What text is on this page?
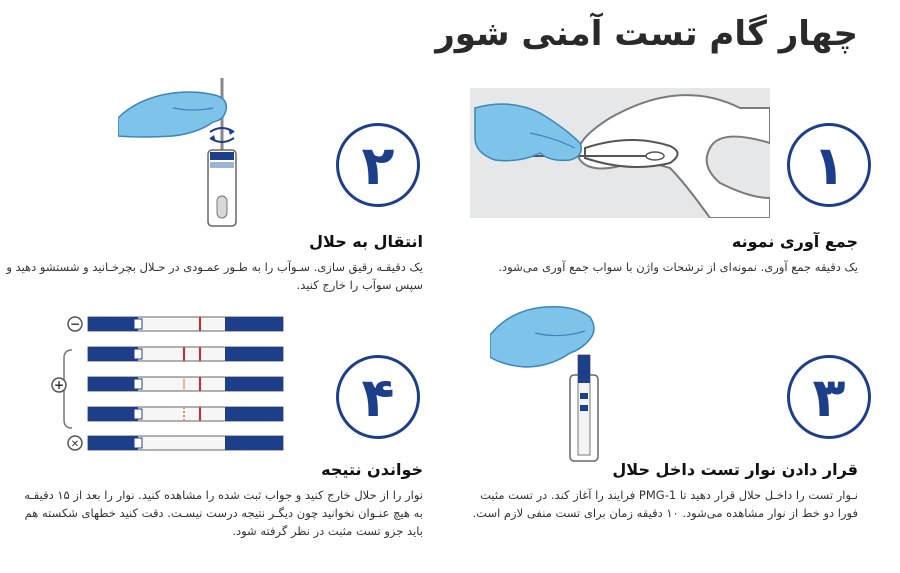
چهار گام تست آمنی شور
۱
جمع آوری نمونه
یک دقیقه جمع آوری. نمونه‌ای از ترشحات واژن با سواب جمع آوری می‌شود.
۲
انتقال به حلال
یک دقیقـه رقیق سازی. سـوآب را به طـور عمـودی در حـلال بچرخـانید و شستشو دهید و سپس سوآب را خارج کنید.
۳
قرار دادن نوار تست داخل حلال
نـوار تست را داخـل حلال قرار دهید تا PMG-1 فرایند را آغاز کند. در تست مثبت فورا دو خط از نوار مشاهده می‌شود. ۱۰ دقیقه زمان برای تست منفی لازم است.
−
+
✕
۴
خواندن نتیجه
نوار را از حلال خارج کنید و جواب ثبت شده را مشاهده کنید. نوار را بعد از ۱۵ دقیقـه به هیچ عنـوان نخوانید چون دیگـر نتیجه درست نیسـت. دقت کنید خطهای شکسته هم باید جزو تست مثبت در نظر گرفته شود.
